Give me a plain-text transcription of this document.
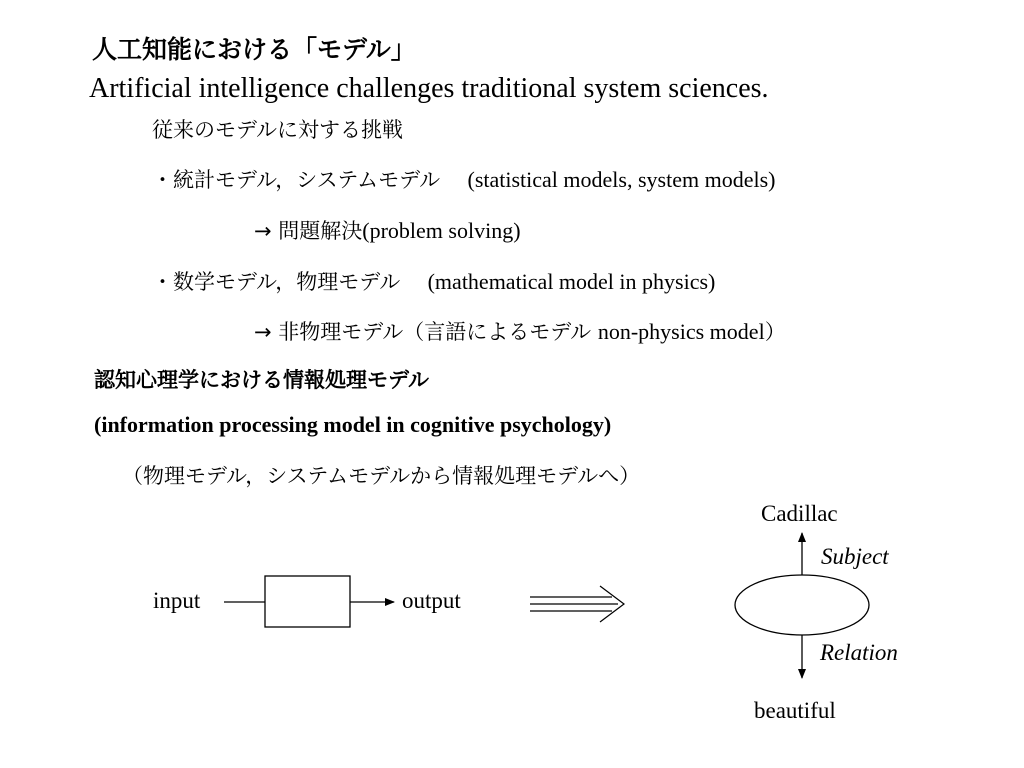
人工知能における「モデル」
Artificial intelligence challenges traditional system sciences.
従来のモデルに対する挑戦
・統計モデル，システムモデル (statistical models, system models)
→ 問題解決(problem solving)
・数学モデル，物理モデル (mathematical model in physics)
→ 非物理モデル（言語によるモデル non-physics model）
認知心理学における情報処理モデル
(information processing model in cognitive psychology)
（物理モデル，システムモデルから情報処理モデルへ）
input	output
Cadillac
Subject
Relation
beautiful
